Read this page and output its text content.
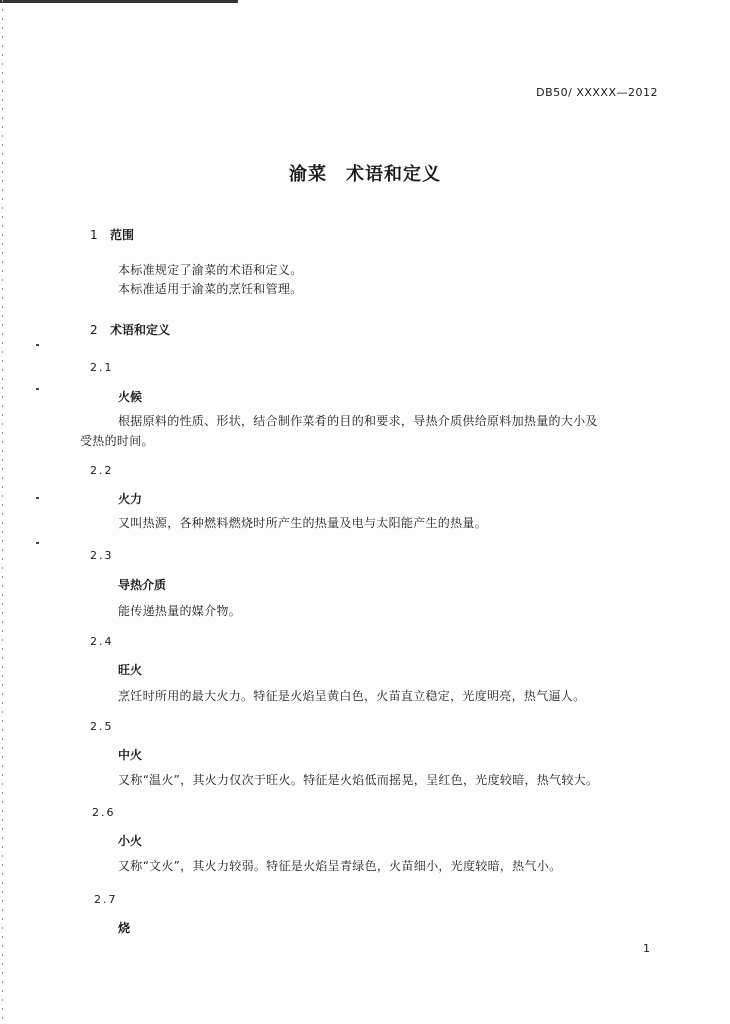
DB50/ XXXXX—2012
渝菜　术语和定义
1 范围
本标准规定了渝菜的术语和定义。
本标准适用于渝菜的烹饪和管理。
2 术语和定义
2.1
火候
根据原料的性质、形状，结合制作菜肴的目的和要求，导热介质供给原料加热量的大小及
受热的时间。
2.2
火力
又叫热源，各种燃料燃烧时所产生的热量及电与太阳能产生的热量。
2.3
导热介质
能传递热量的媒介物。
2.4
旺火
烹饪时所用的最大火力。特征是火焰呈黄白色，火苗直立稳定，光度明亮，热气逼人。
2.5
中火
又称“温火”，其火力仅次于旺火。特征是火焰低而摇晃，呈红色，光度较暗，热气较大。
2.6
小火
又称“文火”，其火力较弱。特征是火焰呈青绿色，火苗细小，光度较暗，热气小。
2.7
烧
1
